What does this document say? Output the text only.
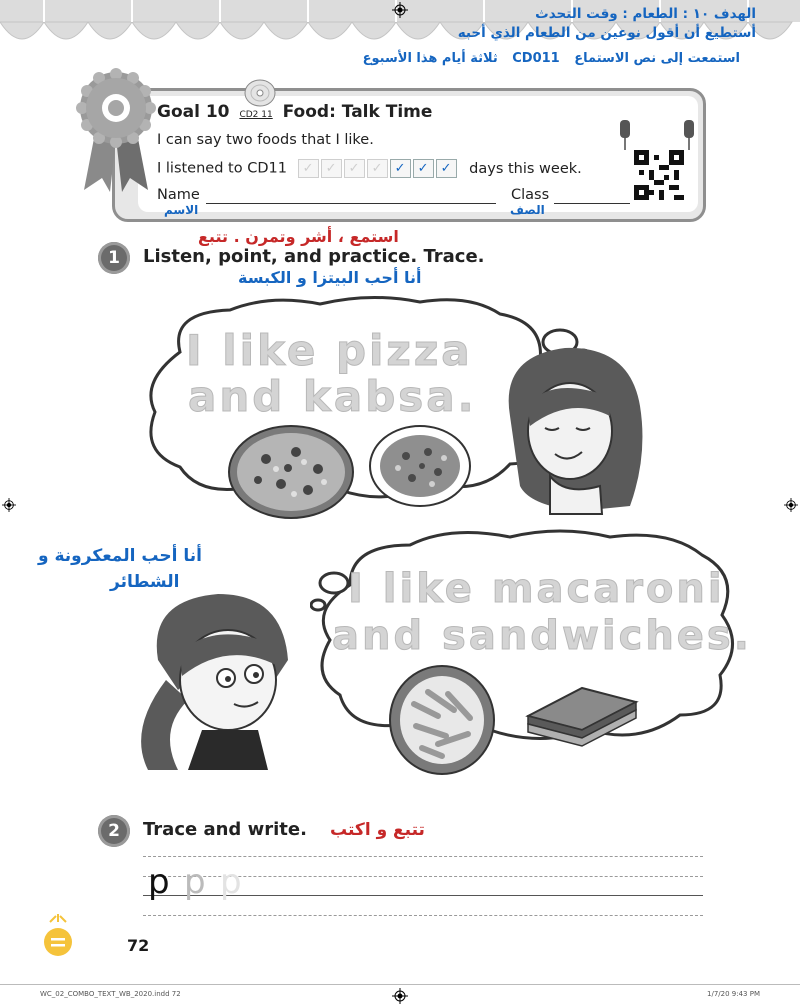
الهدف ١٠ : الطعام : وقت التحدث
أستطيع أن أقول نوعين من الطعام الذي أحبه
استمعت إلى نص الاستماع CD011 ثلاثة أيام هذا الأسبوع
Goal 10 CD2 11 Food: Talk Time
I can say two foods that I like.
I listened to CD11 ✓ ✓ ✓ ✓ ✓ ✓ ✓ days this week.
Name
الاسم
Class
الصف
استمع ، أشر وتمرن . تتبع
1	Listen, point, and practice. Trace.
أنا أحب البيتزا و الكبسة
I like pizza
and kabsa.
أنا أحب المعكرونة و
الشطائر	I like macaroni
and sandwiches.
2	Trace and write. تتبع و اكتب
p p p
72
WC_02_COMBO_TEXT_WB_2020.indd 72	1/7/20 9:43 PM
